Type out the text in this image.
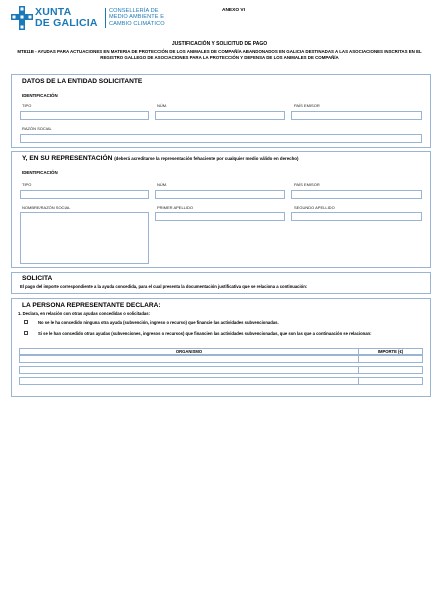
XUNTA
DE GALICIA
CONSELLERÍA DE
MEDIO AMBIENTE E
CAMBIO CLIMÁTICO
ANEXO VI
JUSTIFICACIÓN Y SOLICITUD DE PAGO
MT811B - AYUDAS PARA ACTUACIONES EN MATERIA DE PROTECCIÓN DE LOS ANIMALES DE COMPAÑÍA ABANDONADOS EN GALICIA DESTINADAS A LAS ASOCIACIONES INSCRITAS EN EL REGISTRO GALLEGO DE ASOCIACIONES PARA LA PROTECCIÓN Y DEFENSA DE LOS ANIMALES DE COMPAÑÍA
DATOS DE LA ENTIDAD SOLICITANTE
IDENTIFICACIÓN
TIPO	NÚM.	PAÍS EMISOR
RAZÓN SOCIAL
Y, EN SU REPRESENTACIÓN (deberá acreditarse la representación fehaciente por cualquier medio válido en derecho)
IDENTIFICACIÓN
TIPO	NÚM.	PAÍS EMISOR
NOMBRE/RAZÓN SOCIAL	PRIMER APELLIDO	SEGUNDO APELLIDO
SOLICITA
El pago del importe correspondiente a la ayuda concedida, para el cual presenta la documentación justificativa que se relaciona a continuación:
LA PERSONA REPRESENTANTE DECLARA:
1. Declara, en relación con otras ayudas concedidas o solicitadas:
No se le ha concedido ninguna otra ayuda (subvención, ingreso o recurso) que financie las actividades subvencionadas.
Si se le han concedido otras ayudas (subvenciones, ingresos o recursos) que financien las actividades subvencionadas, que son las que a continuación se relacionan:
ORGANISMO	IMPORTE (€)
